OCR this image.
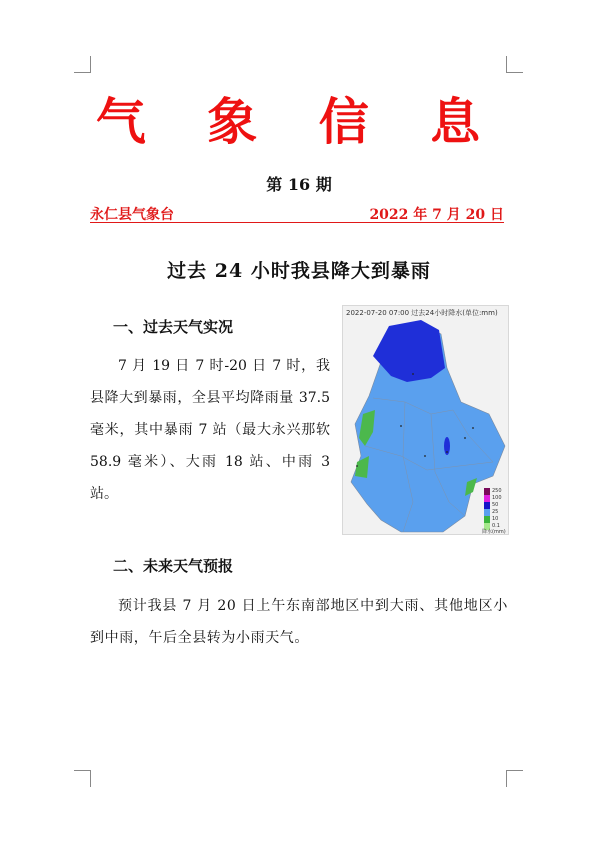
气 象 信 息
第 16 期
永仁县气象台	2022 年 7 月 20 日
过去 24 小时我县降大到暴雨
一、过去天气实况
7 月 19 日 7 时-20 日 7 时，我县降大到暴雨，全县平均降雨量 37.5 毫米，其中暴雨 7 站（最大永兴那软 58.9 毫米）、大雨 18 站、中雨 3 站。
2022-07-20 07:00 过去24小时降水(单位:mm)
250
100
50
25
10
0.1
降水(mm)
二、未来天气预报
预计我县 7 月 20 日上午东南部地区中到大雨、其他地区小到中雨，午后全县转为小雨天气。
